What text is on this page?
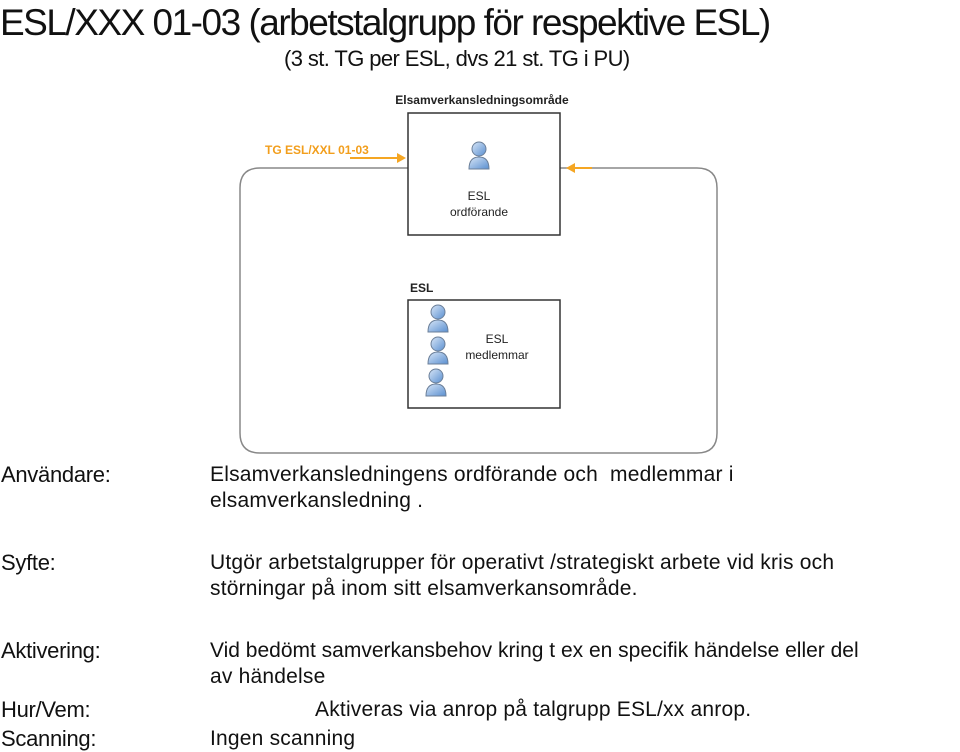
ESL/XXX 01-03 (arbetstalgrupp för respektive ESL)
(3 st. TG per ESL, dvs 21 st. TG i PU)
Elsamverkansledningsområde
TG ESL/XXL 01-03
ESL
ordförande
ESL
ESL
medlemmar
Användare:	Elsamverkansledningens ordförande och  medlemmar i
elsamverkansledning .
Syfte:	Utgör arbetstalgrupper för operativt /strategiskt arbete vid kris och
störningar på inom sitt elsamverkansområde.
Aktivering:	Vid bedömt samverkansbehov kring t ex en specifik händelse eller del
av händelse
Hur/Vem:	Aktiveras via anrop på talgrupp ESL/xx anrop.
Scanning:	Ingen scanning
